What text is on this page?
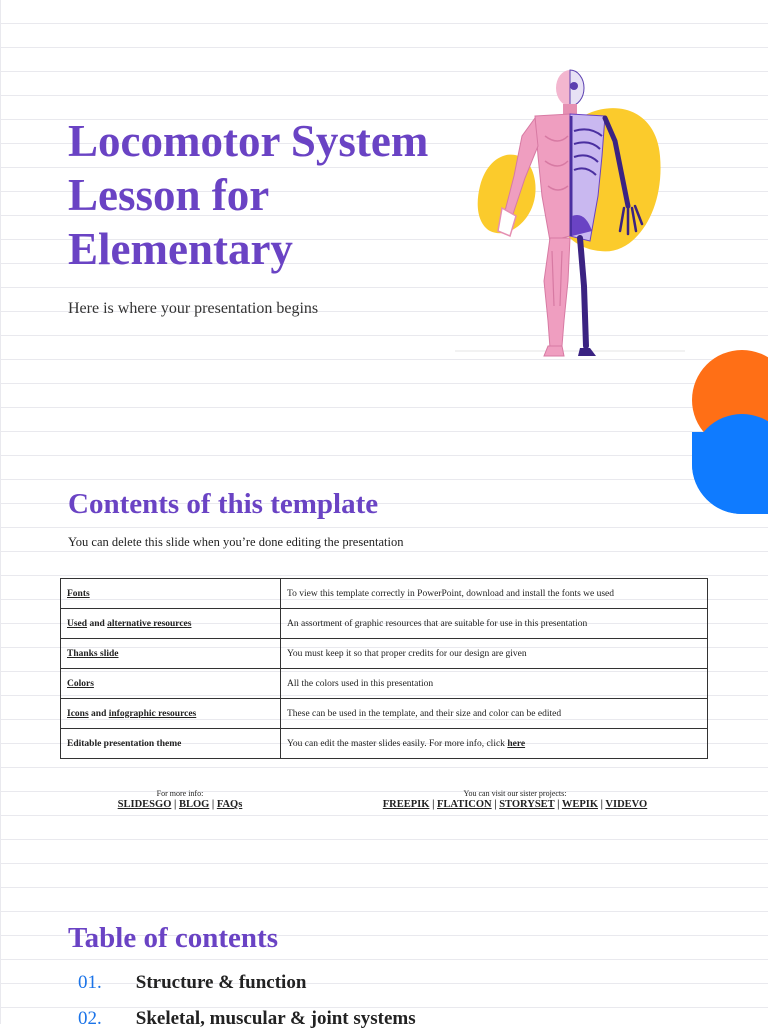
Locomotor System Lesson for Elementary
Here is where your presentation begins
Contents of this template
You can delete this slide when you’re done editing the presentation
Fonts	To view this template correctly in PowerPoint, download and install the fonts we used
Used and alternative resources	An assortment of graphic resources that are suitable for use in this presentation
Thanks slide	You must keep it so that proper credits for our design are given
Colors	All the colors used in this presentation
Icons and infographic resources	These can be used in the template, and their size and color can be edited
Editable presentation theme	You can edit the master slides easily. For more info, click here
For more info:
SLIDESGO | BLOG | FAQs
You can visit our sister projects:
FREEPIK | FLATICON | STORYSET | WEPIK | VIDEVO
Table of contents
01. Structure & function
02. Skeletal, muscular & joint systems
